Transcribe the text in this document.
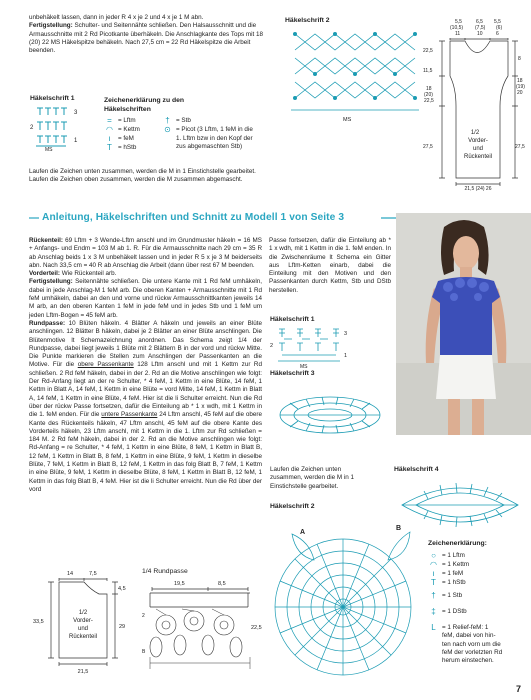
unbehäkelt lassen, dann in jeder R 4 x je 2 und 4 x je 1 M abn.

Fertigstellung: Schulter- und Seitennähte schließen. Den Halsausschnitt und die Armausschnitte mit 2 Rd Picotkante überhäkeln. Die Anschlagkante des Tops mit 18 (20) 22 MS Häkelspitze behäkeln. Nach 27,5 cm = 22 Rd Häkelspitze die Arbeit beenden.

Häkelschrift 1
3
2
1
MS
Zeichenerklärung zu den
Häkelschriften
= = Lftm
◠ = Kettm
ı	= feM
T = hStb
† = Stb
⊙ = Picot (3 Lftm, 1 feM in die
1. Lftm bzw in den Kopf der
zus abgemaschten Stb)
Häkelschrift 2
MS
5,5	6,5 5,5
(10,5) (7,5) (6)
11	10	6
22,5
11,5
18
(20)
22,5
27,5
8
18
(19)
20
27,5
1/2
Vorder-
und
Rückenteil
21,5 (24) 26

Laufen die Zeichen unten zusammen, werden die M in 1 Einstichstelle gearbeitet.

Laufen die Zeichen oben zusammen, werden die M zusammen abgemascht.

Anleitung, Häkelschriften und Schnitt zu Modell 1 von Seite 3

Rückenteil: 69 Lftm + 3 Wende-Lftm anschl und im Grundmuster häkeln = 16 MS + Anfangs- und Endm = 103 M ab 1. R. Für die Armausschnitte nach 29 cm = 35 R ab Anschlag beids 1 x 3 M unbehäkelt lassen und in jeder R 5 x je 3 M beiderseits abn. Nach 33,5 cm = 40 R ab Anschlag die Arbeit (dann über rest 67 M beenden.

Vorderteil: Wie Rückenteil arb.

Fertigstellung: Seitennähte schließen. Die untere Kante mit 1 Rd feM umhäkeln, dabei in jede Anschlag-M 1 feM arb. Die oberen Kanten + Armausschnitte mit 1 Rd feM umhäkeln, dabei an den und vorne und rückw Armausschnittkanten jeweils 14 M arb, an den oberen Kanten 1 feM in jede feM und in jedes Stb und 1 feM um jeden Lftm-Bogen = 45 feM arb.

Rundpasse: 10 Blüten häkeln. 4 Blätter A häkeln und jeweils an einer Blüte anschlingen. 12 Blätter B häkeln, dabei je 2 Blätter an einer Blüte anschlingen. Die Blütenmotive lt Schemazeichnung anordnen. Das Schema zeigt 1/4 der Rundpasse, dabei liegt jeweils 1 Blüte mit 2 Blättern B in der vord und rückw Mitte. Die Punkte markieren die Stellen zum Anschlingen der Passenkanten an die Motive. Für die obere Passenkante 128 Lftm anschl und mit 1 Kettm zur Rd schließen. 2 Rd feM häkeln, dabei in der 2. Rd an die Motive anschlingen wie folgt: Der Rd-Anfang liegt an der re Schulter, * 4 feM, 1 Kettm in eine Blüte, 14 feM, 1 Kettm in Blatt A, 14 feM, 1 Kettm in eine Blüte = vord Mitte, 14 feM, 1 Kettm in Blatt A, 14 feM, 1 Kettm in eine Blüte, 4 feM. Hier ist die li Schulter erreicht. Nun die Rd über der rückw Passe fortsetzen, dafür die Einteilung ab * 1 x wdh, mit 1 Kettm in die 1. feM enden. Für die untere Passenkante 24 Lftm anschl, 45 feM auf die obere Kante des Rückenteils häkeln, 47 Lftm anschl, 45 feM auf die obere Kante des Vorderteils häkeln, 23 Lftm anschl, mit 1 Kettm in die 1. Lftm zur Rd schließen = 184 M. 2 Rd feM häkeln, dabei in der 2. Rd an die Motive anschlingen wie folgt: Rd-Anfang = re Schulter, * 4 feM, 1 Kettm in eine Blüte, 8 feM, 1 Kettm in Blatt B, 12 feM, 1 Kettm in Blatt B, 8 feM, 1 Kettm in eine Blüte, 9 feM, 1 Kettm in dieselbe Blüte, 7 feM, 1 Kettm in Blatt B, 12 feM, 1 Kettm in das folg Blatt B, 7 feM, 1 Kettm in eine Blüte, 9 feM, 1 Kettm in dieselbe Blüte, 8 feM, 1 Kettm in Blatt B, 12 feM, 1 Kettm in das folg Blatt B, 4 feM. Hier ist die li Schulter erreicht. Nun die Rd über der vord

Passe fortsetzen, dafür die Einteilung ab * 1 x wdh, mit 1 Kettm in die 1. feM enden. In die Zwischenräume lt Schema ein Gitter aus Lftm-Ketten einarb, dabei die Einteilung mit den Motiven und den Passenkanten durch Kettm, Stb und DStb herstellen.

Häkelschrift 1
3
2
1
MS
Häkelschrift 3

Laufen die Zeichen unten

zusammen, werden die M in 1

Einstichstelle gearbeitet.

Häkelschrift 4
Häkelschrift 2
A
B
Zeichenerklärung:
○ = 1 Lftm
◠ = 1 Kettm
ı	= 1 feM
T = 1 hStb
† = 1 Stb
‡ = 1 DStb
L = 1 Relief-feM: 1
feM, dabei von hin-
ten nach vorn um die
feM der vorletzten Rd
herum einstechen.
14	7,5
33,5
4,5
29
1/2
Vorder-
und
Rückenteil
21,5
1/4 Rundpasse
19,5	8,5
22,5
2
B
7
